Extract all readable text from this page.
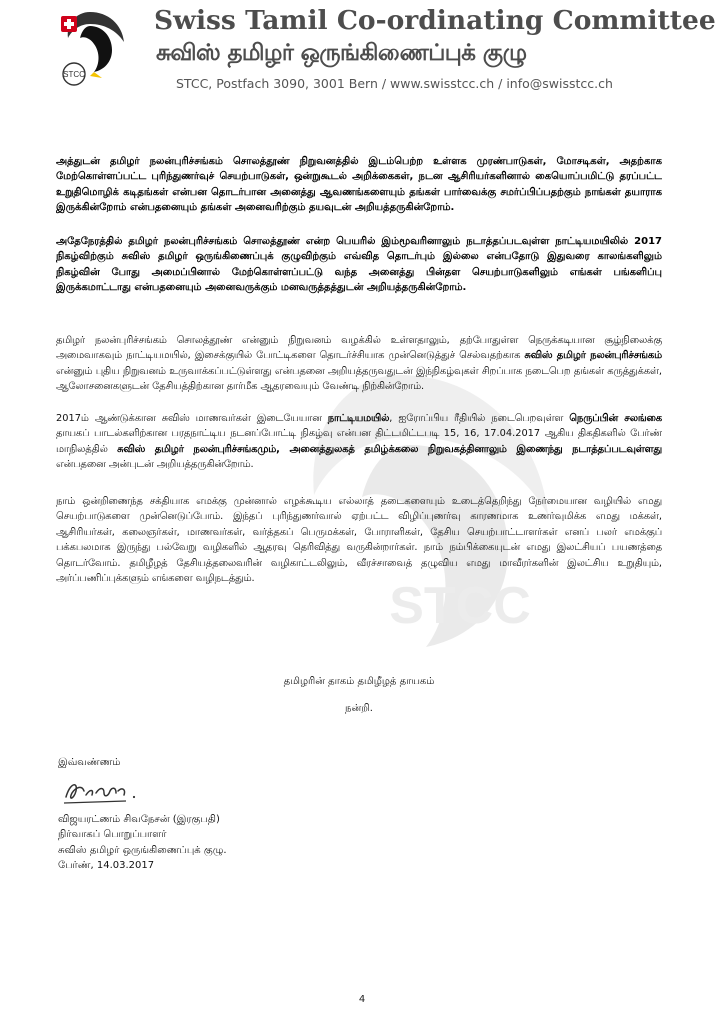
STCC
Swiss Tamil Co-ordinating Committee
சுவிஸ் தமிழர் ஒருங்கிணைப்புக் குழு
STCC, Postfach 3090, 3001 Bern / www.swisstcc.ch / info@swisstcc.ch
STCC
அத்துடன் தமிழர் நலன்புரிச்சங்கம் சொலத்தூண் நிறுவனத்தில் இடம்பெற்ற உள்ளக முரண்பாடுகள், மோசடிகள், அதற்காக மேற்கொள்ளப்பட்ட புரிந்துணர்வுச் செயற்பாடுகள், ஒன்றுகூடல் அறிக்கைகள், நடன ஆசிரியர்களினால் கையொப்பமிட்டு தரப்பட்ட உறுதிமொழிக் கடிதங்கள் என்பன தொடர்பான அனைத்து ஆவணங்களையும் தங்கள் பார்வைக்கு சமர்ப்பிப்பதற்கும் நாங்கள் தயாராக இருக்கின்றோம் என்பதனையும் தங்கள் அனைவரிற்கும் தயவுடன் அறியத்தருகின்றோம்.
அதேநேரத்தில் தமிழர் நலன்புரிச்சங்கம் சொலத்தூண் என்ற பெயரில் இம்மூவரினாலும் நடாத்தப்படவுள்ள நாட்டியமயிலில் 2017 நிகழ்விற்கும் சுவிஸ் தமிழர் ஒருங்கிணைப்புக் குழுவிற்கும் எவ்வித தொடர்பும் இல்லை என்பதோடு இதுவரை காலங்களிலும் நிகழ்வின் போது அமைப்பினால் மேற்கொள்ளப்பட்டு வந்த அனைத்து பின்தள செயற்பாடுகளிலும் எங்கள் பங்களிப்பு இருக்கமாட்டாது என்பதனையும் அனைவருக்கும் மனவருத்தத்துடன் அறியத்தருகின்றோம்.
தமிழர் நலன்புரிச்சங்கம் சொலத்தூண் என்னும் நிறுவனம் வழக்கில் உள்ளதாலும், தற்போதுள்ள நெருக்கடியான சூழ்நிலைக்கு அமைவாகவும் நாட்டியமயில், இசைக்குயில் போட்டிகளை தொடர்ச்சியாக முன்னெடுத்துச் செல்வதற்காக சுவிஸ் தமிழர் நலன்புரிச்சங்கம் என்னும் புதிய நிறுவனம் உருவாக்கப்பட்டுள்ளது என்பதனை அறியத்தருவதுடன் இந்நிகழ்வுகள் சிறப்பாக நடைபெற தங்கள் கருத்துக்கள், ஆலோசனைகளுடன் தேசியத்திற்கான தார்மீக ஆதரவையும் வேண்டி நிற்கின்றோம்.
2017ம் ஆண்டுக்கான சுவிஸ் மாணவர்கள் இடையேயான நாட்டியமயில், ஐரோப்பிய ரீதியில் நடைபெறவுள்ள நெருப்பின் சலங்கை தாயகப் பாடல்களிற்கான பரதநாட்டிய நடனப்போட்டி நிகழ்வு என்பன திட்டமிட்டபடி 15, 16, 17.04.2017 ஆகிய திகதிகளில் பேர்ண் மாநிலத்தில் சுவிஸ் தமிழர் நலன்புரிச்சங்கமும், அனைத்துலகத் தமிழ்க்கலை நிறுவகத்தினாலும் இணைந்து நடாத்தப்படவுள்ளது என்பதனை அன்புடன் அறியத்தருகின்றோம்.
நாம் ஒன்றிணைந்த சக்தியாக எமக்கு முன்னால் எழக்கூடிய எல்லாத் தடைகளையும் உடைத்தெறிந்து நேர்மையான வழியில் எமது செயற்பாடுகளை முன்னெடுப்போம். இந்தப் புரிந்துணர்வால் ஏற்பட்ட விழிப்புணர்வு காரணமாக உணர்வுமிக்க எமது மக்கள், ஆசிரியர்கள், கலைஞர்கள், மாணவர்கள், வர்த்தகப் பெருமக்கள், போராளிகள், தேசிய செயற்பாட்டாளர்கள் எனப் பலர் எமக்குப் பக்கபலமாக இருந்து பல்வேறு வழிகளில் ஆதரவு தெரிவித்து வருகின்றார்கள். நாம் நம்பிக்கையுடன் எமது இலட்சியப் பயணத்தை தொடர்வோம். தமிழீழத் தேசியத்தலைவரின் வழிகாட்டலிலும், வீரச்சாவைத் தழுவிய எமது மாவீரர்களின் இலட்சிய உறுதியும், அர்ப்பணிப்புக்களும் எங்களை வழிநடத்தும்.
தமிழரின் தாகம் தமிழீழத் தாயகம்
நன்றி.
இவ்வண்ணம்
விஜயரட்ணம் சிவநேசன் (இரகுபதி)
நிர்வாகப் பொறுப்பாளர்
சுவிஸ் தமிழர் ஒருங்கிணைப்புக் குழு.
பேர்ண், 14.03.2017
4
